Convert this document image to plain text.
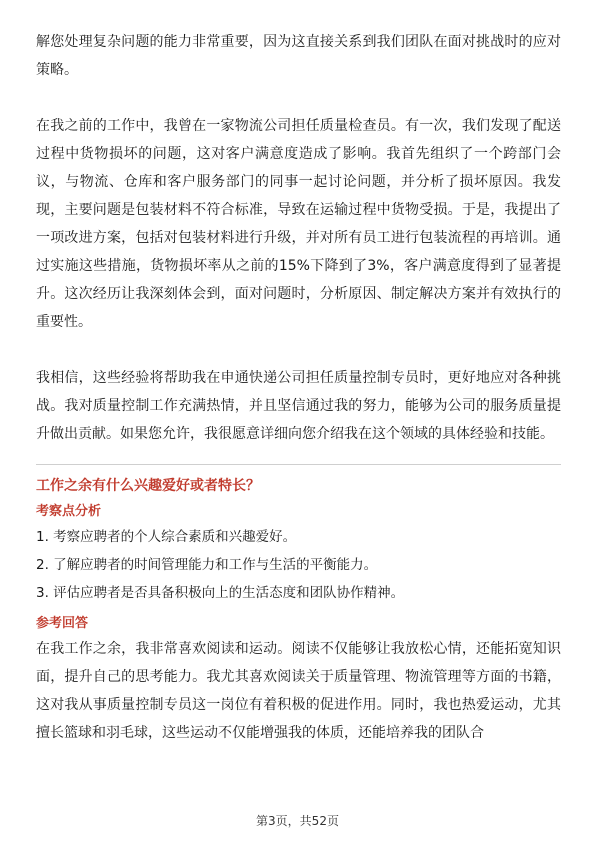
解您处理复杂问题的能力非常重要，因为这直接关系到我们团队在面对挑战时的应对策略。

在我之前的工作中，我曾在一家物流公司担任质量检查员。有一次，我们发现了配送过程中货物损坏的问题，这对客户满意度造成了影响。我首先组织了一个跨部门会议，与物流、仓库和客户服务部门的同事一起讨论问题，并分析了损坏原因。我发现，主要问题是包装材料不符合标准，导致在运输过程中货物受损。于是，我提出了一项改进方案，包括对包装材料进行升级，并对所有员工进行包装流程的再培训。通过实施这些措施，货物损坏率从之前的15%下降到了3%，客户满意度得到了显著提升。这次经历让我深刻体会到，面对问题时，分析原因、制定解决方案并有效执行的重要性。

我相信，这些经验将帮助我在申通快递公司担任质量控制专员时，更好地应对各种挑战。我对质量控制工作充满热情，并且坚信通过我的努力，能够为公司的服务质量提升做出贡献。如果您允许，我很愿意详细向您介绍我在这个领域的具体经验和技能。

工作之余有什么兴趣爱好或者特长？

考察点分析

1. 考察应聘者的个人综合素质和兴趣爱好。
2. 了解应聘者的时间管理能力和工作与生活的平衡能力。
3. 评估应聘者是否具备积极向上的生活态度和团队协作精神。

参考回答

在我工作之余，我非常喜欢阅读和运动。阅读不仅能够让我放松心情，还能拓宽知识面，提升自己的思考能力。我尤其喜欢阅读关于质量管理、物流管理等方面的书籍，这对我从事质量控制专员这一岗位有着积极的促进作用。同时，我也热爱运动，尤其擅长篮球和羽毛球，这些运动不仅能增强我的体质，还能培养我的团队合

第3页，共52页
